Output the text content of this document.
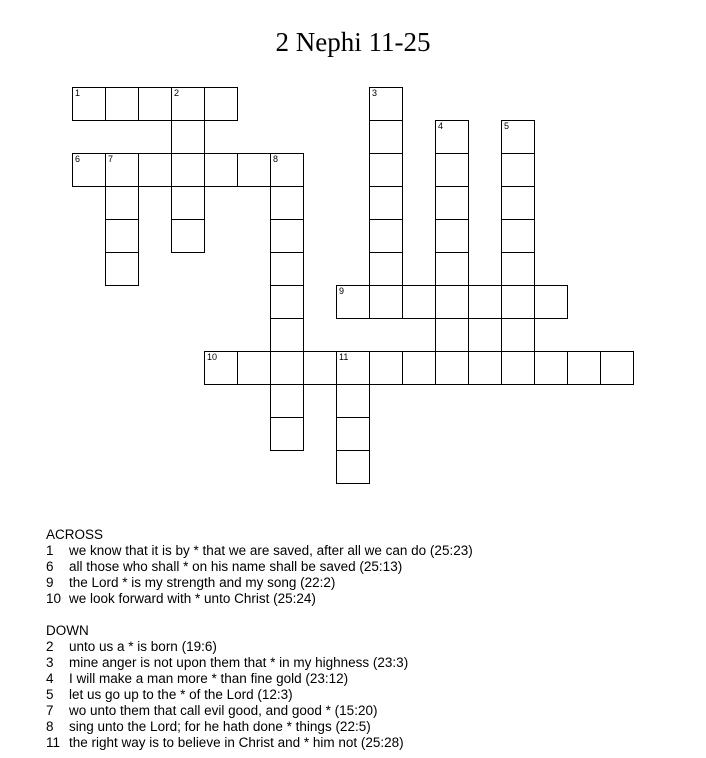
2 Nephi 11-25
1	2	3
4	5
6	7	8
9
10	11
ACROSS
1	we know that it is by * that we are saved, after all we can do (25:23)
6	all those who shall * on his name shall be saved (25:13)
9	the Lord * is my strength and my song (22:2)
10 we look forward with * unto Christ (25:24)
DOWN
2	unto us a * is born (19:6)
3	mine anger is not upon them that * in my highness (23:3)
4	I will make a man more * than fine gold (23:12)
5	let us go up to the * of the Lord (12:3)
7	wo unto them that call evil good, and good * (15:20)
8	sing unto the Lord; for he hath done * things (22:5)
11 the right way is to believe in Christ and * him not (25:28)
